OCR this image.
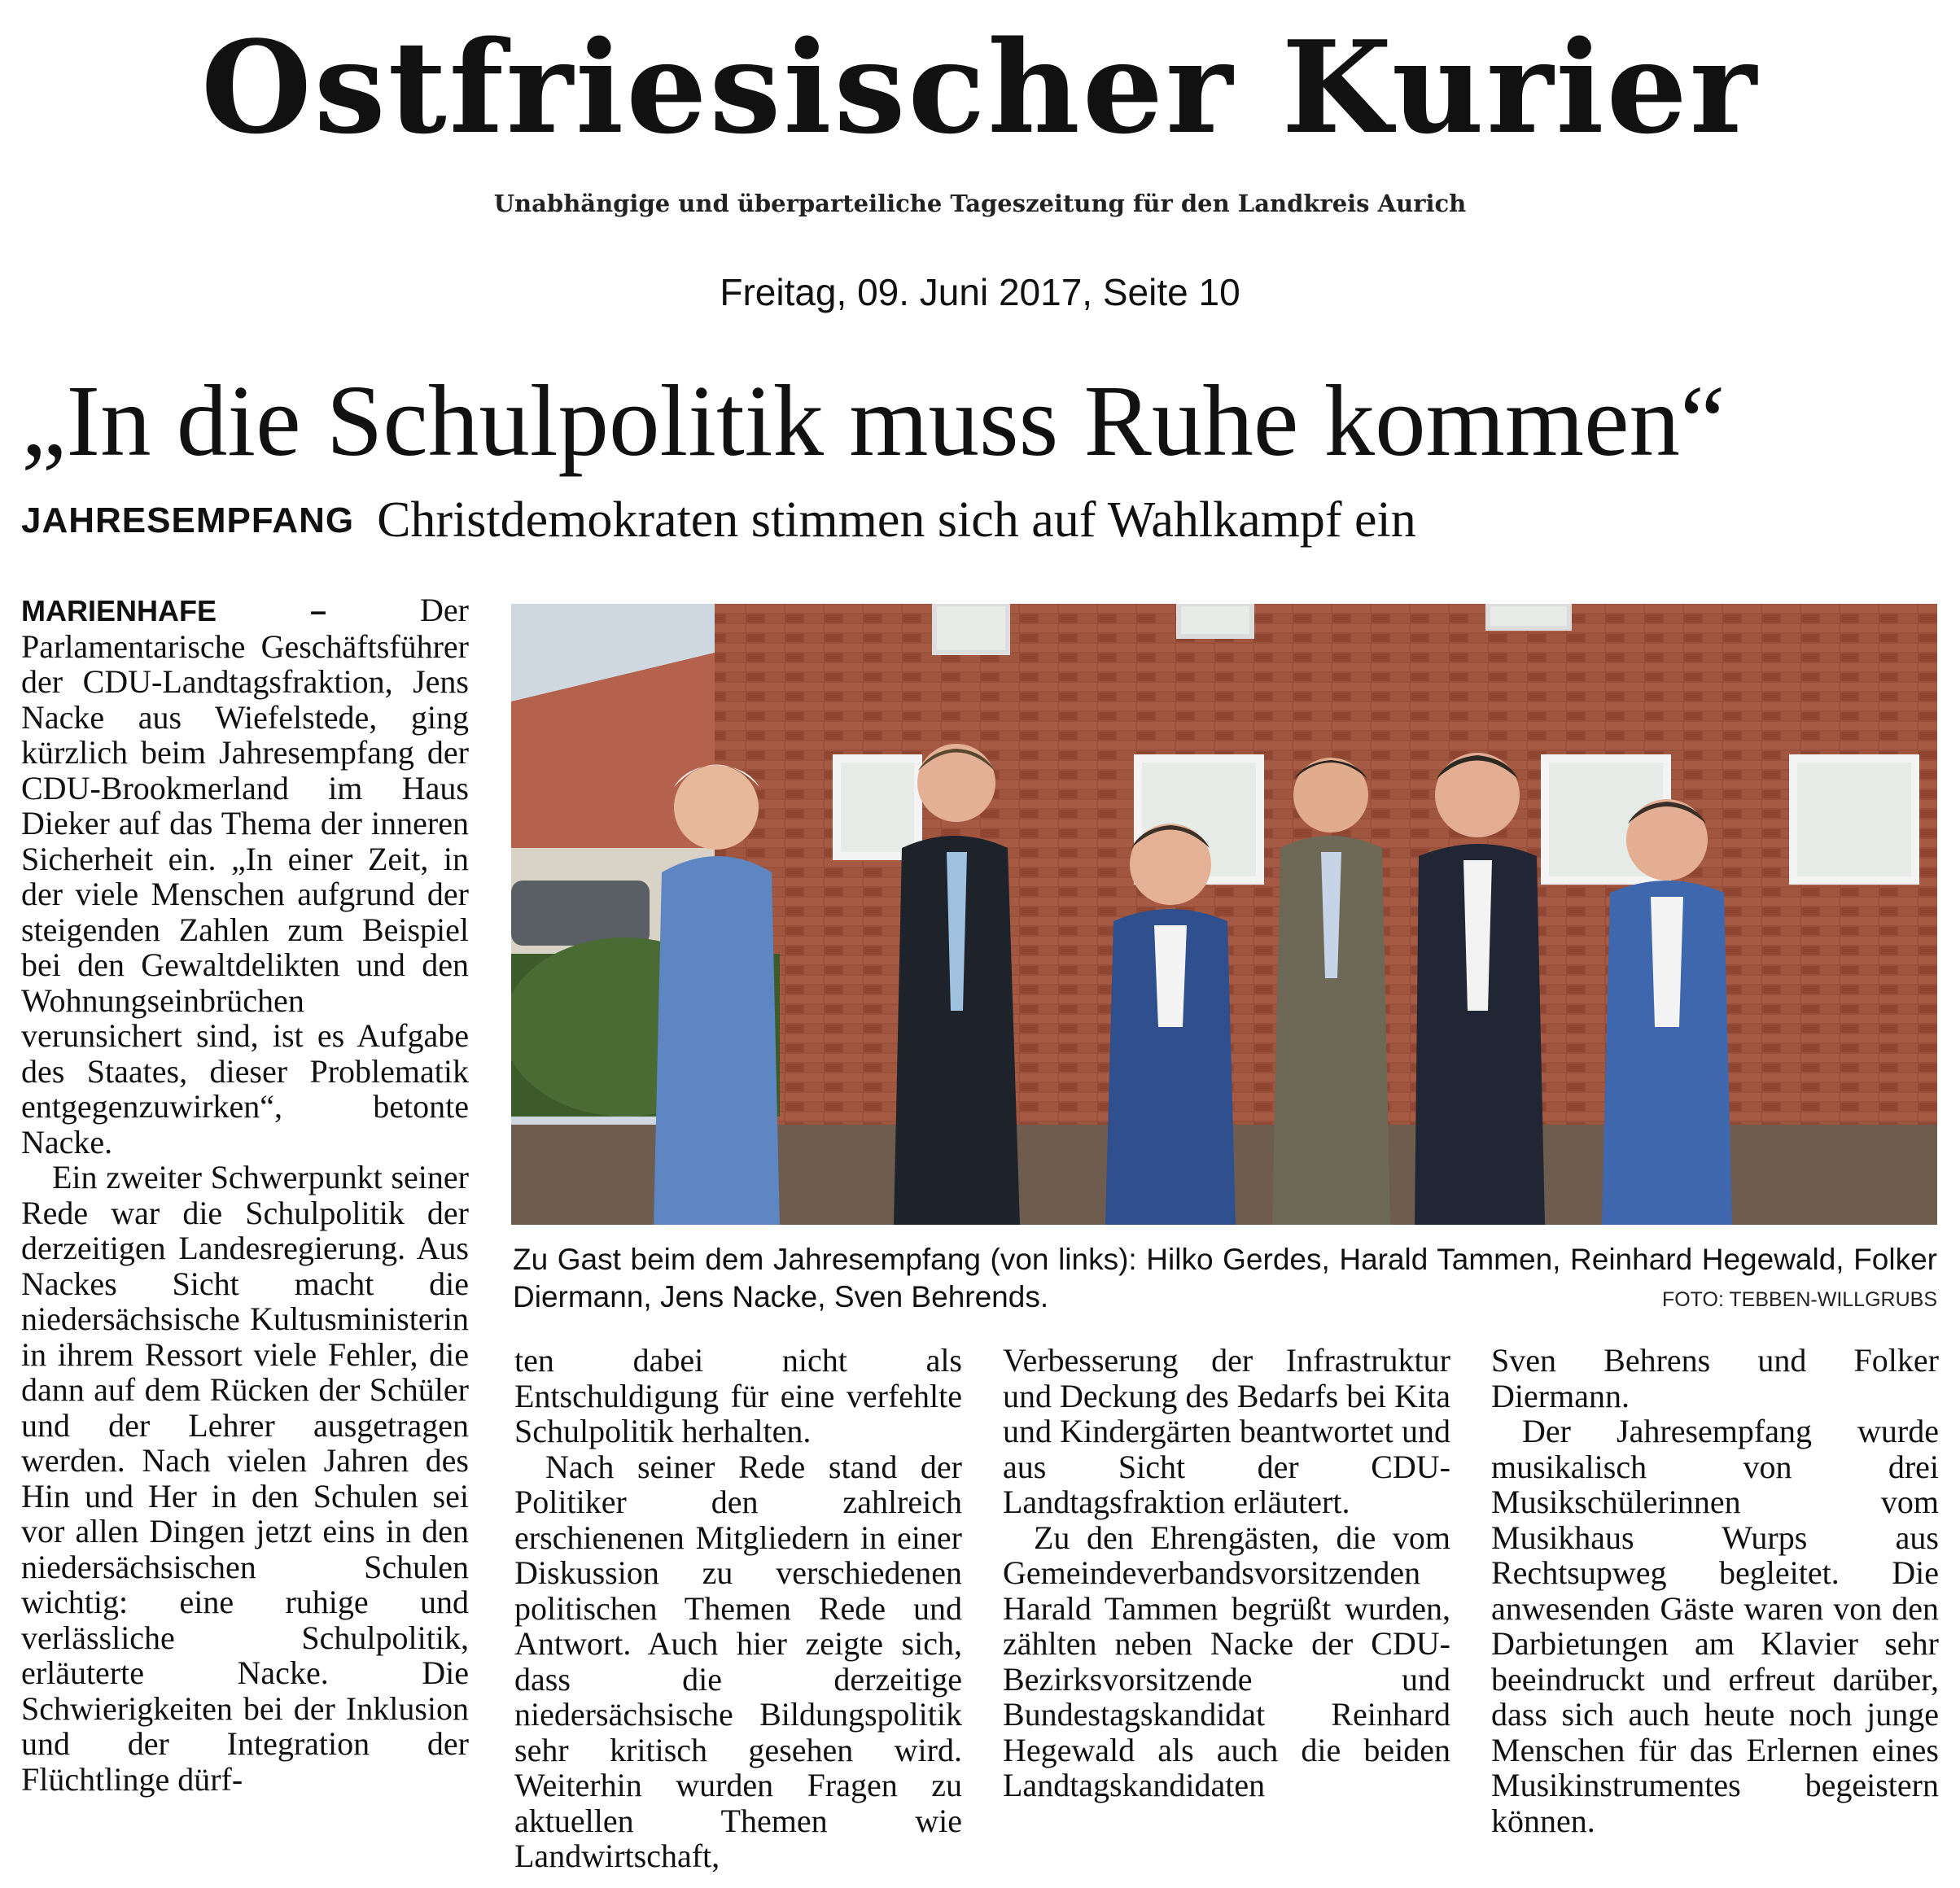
Ostfriesischer Kurier
Unabhängige und überparteiliche Tageszeitung für den Landkreis Aurich
Freitag, 09. Juni 2017, Seite 10
„In die Schulpolitik muss Ruhe kommen“
JAHRESEMPFANG Christdemokraten stimmen sich auf Wahlkampf ein

MARIENHAFE –	Der Parlamentarische Geschäftsführer der CDU-Landtagsfraktion, Jens Nacke aus Wiefelstede, ging kürzlich beim Jahresempfang der CDU-Brookmerland im Haus Dieker auf das Thema der inneren Sicherheit ein. „In einer Zeit, in der viele Menschen aufgrund der steigenden Zahlen zum Beispiel bei den Gewaltdelikten und den Wohnungseinbrüchen verunsichert sind, ist es Aufgabe des Staates, dieser Problematik entgegenzuwirken“, betonte Nacke.

Ein zweiter Schwerpunkt seiner Rede war die Schulpolitik der derzeitigen Landesregierung. Aus Nackes Sicht macht die niedersächsische Kultusministerin in ihrem Ressort viele Fehler, die dann auf dem Rücken der Schüler und der Lehrer ausgetragen werden. Nach vielen Jahren des Hin und Her in den Schulen sei vor allen Dingen jetzt eins in den niedersächsischen Schulen wichtig: eine ruhige und verlässliche Schulpolitik, erläuterte Nacke. Die Schwierigkeiten bei der Inklusion und der Integration der Flüchtlinge dürf-

Zu Gast beim dem Jahresempfang (von links): Hilko Gerdes, Harald Tammen, Reinhard Hegewald, Folker Diermann, Jens Nacke, Sven Behrends.	FOTO: TEBBEN-WILLGRUBS

ten dabei nicht als Entschuldigung für eine verfehlte Schulpolitik herhalten.

Nach seiner Rede stand der Politiker den zahlreich erschienenen Mitgliedern in einer Diskussion zu verschiedenen politischen Themen Rede und Antwort. Auch hier zeigte sich, dass die derzeitige niedersächsische Bildungspolitik sehr kritisch gesehen wird. Weiterhin wurden Fragen zu aktuellen Themen wie Landwirtschaft,

Verbesserung der Infrastruktur und Deckung des Bedarfs bei Kita und Kindergärten beantwortet und aus Sicht der CDU-Landtagsfraktion erläutert.

Zu den Ehrengästen, die vom Gemeindeverbandsvorsitzenden Harald Tammen begrüßt wurden, zählten neben Nacke der CDU-Bezirksvorsitzende und Bundestagskandidat Reinhard Hegewald als auch die beiden Landtagskandidaten

Sven Behrens und Folker Diermann.

Der Jahresempfang wurde musikalisch von drei Musikschülerinnen vom Musikhaus Wurps aus Rechtsupweg begleitet. Die anwesenden Gäste waren von den Darbietungen am Klavier sehr beeindruckt und erfreut darüber, dass sich auch heute noch junge Menschen für das Erlernen eines Musikinstrumentes begeistern können.
